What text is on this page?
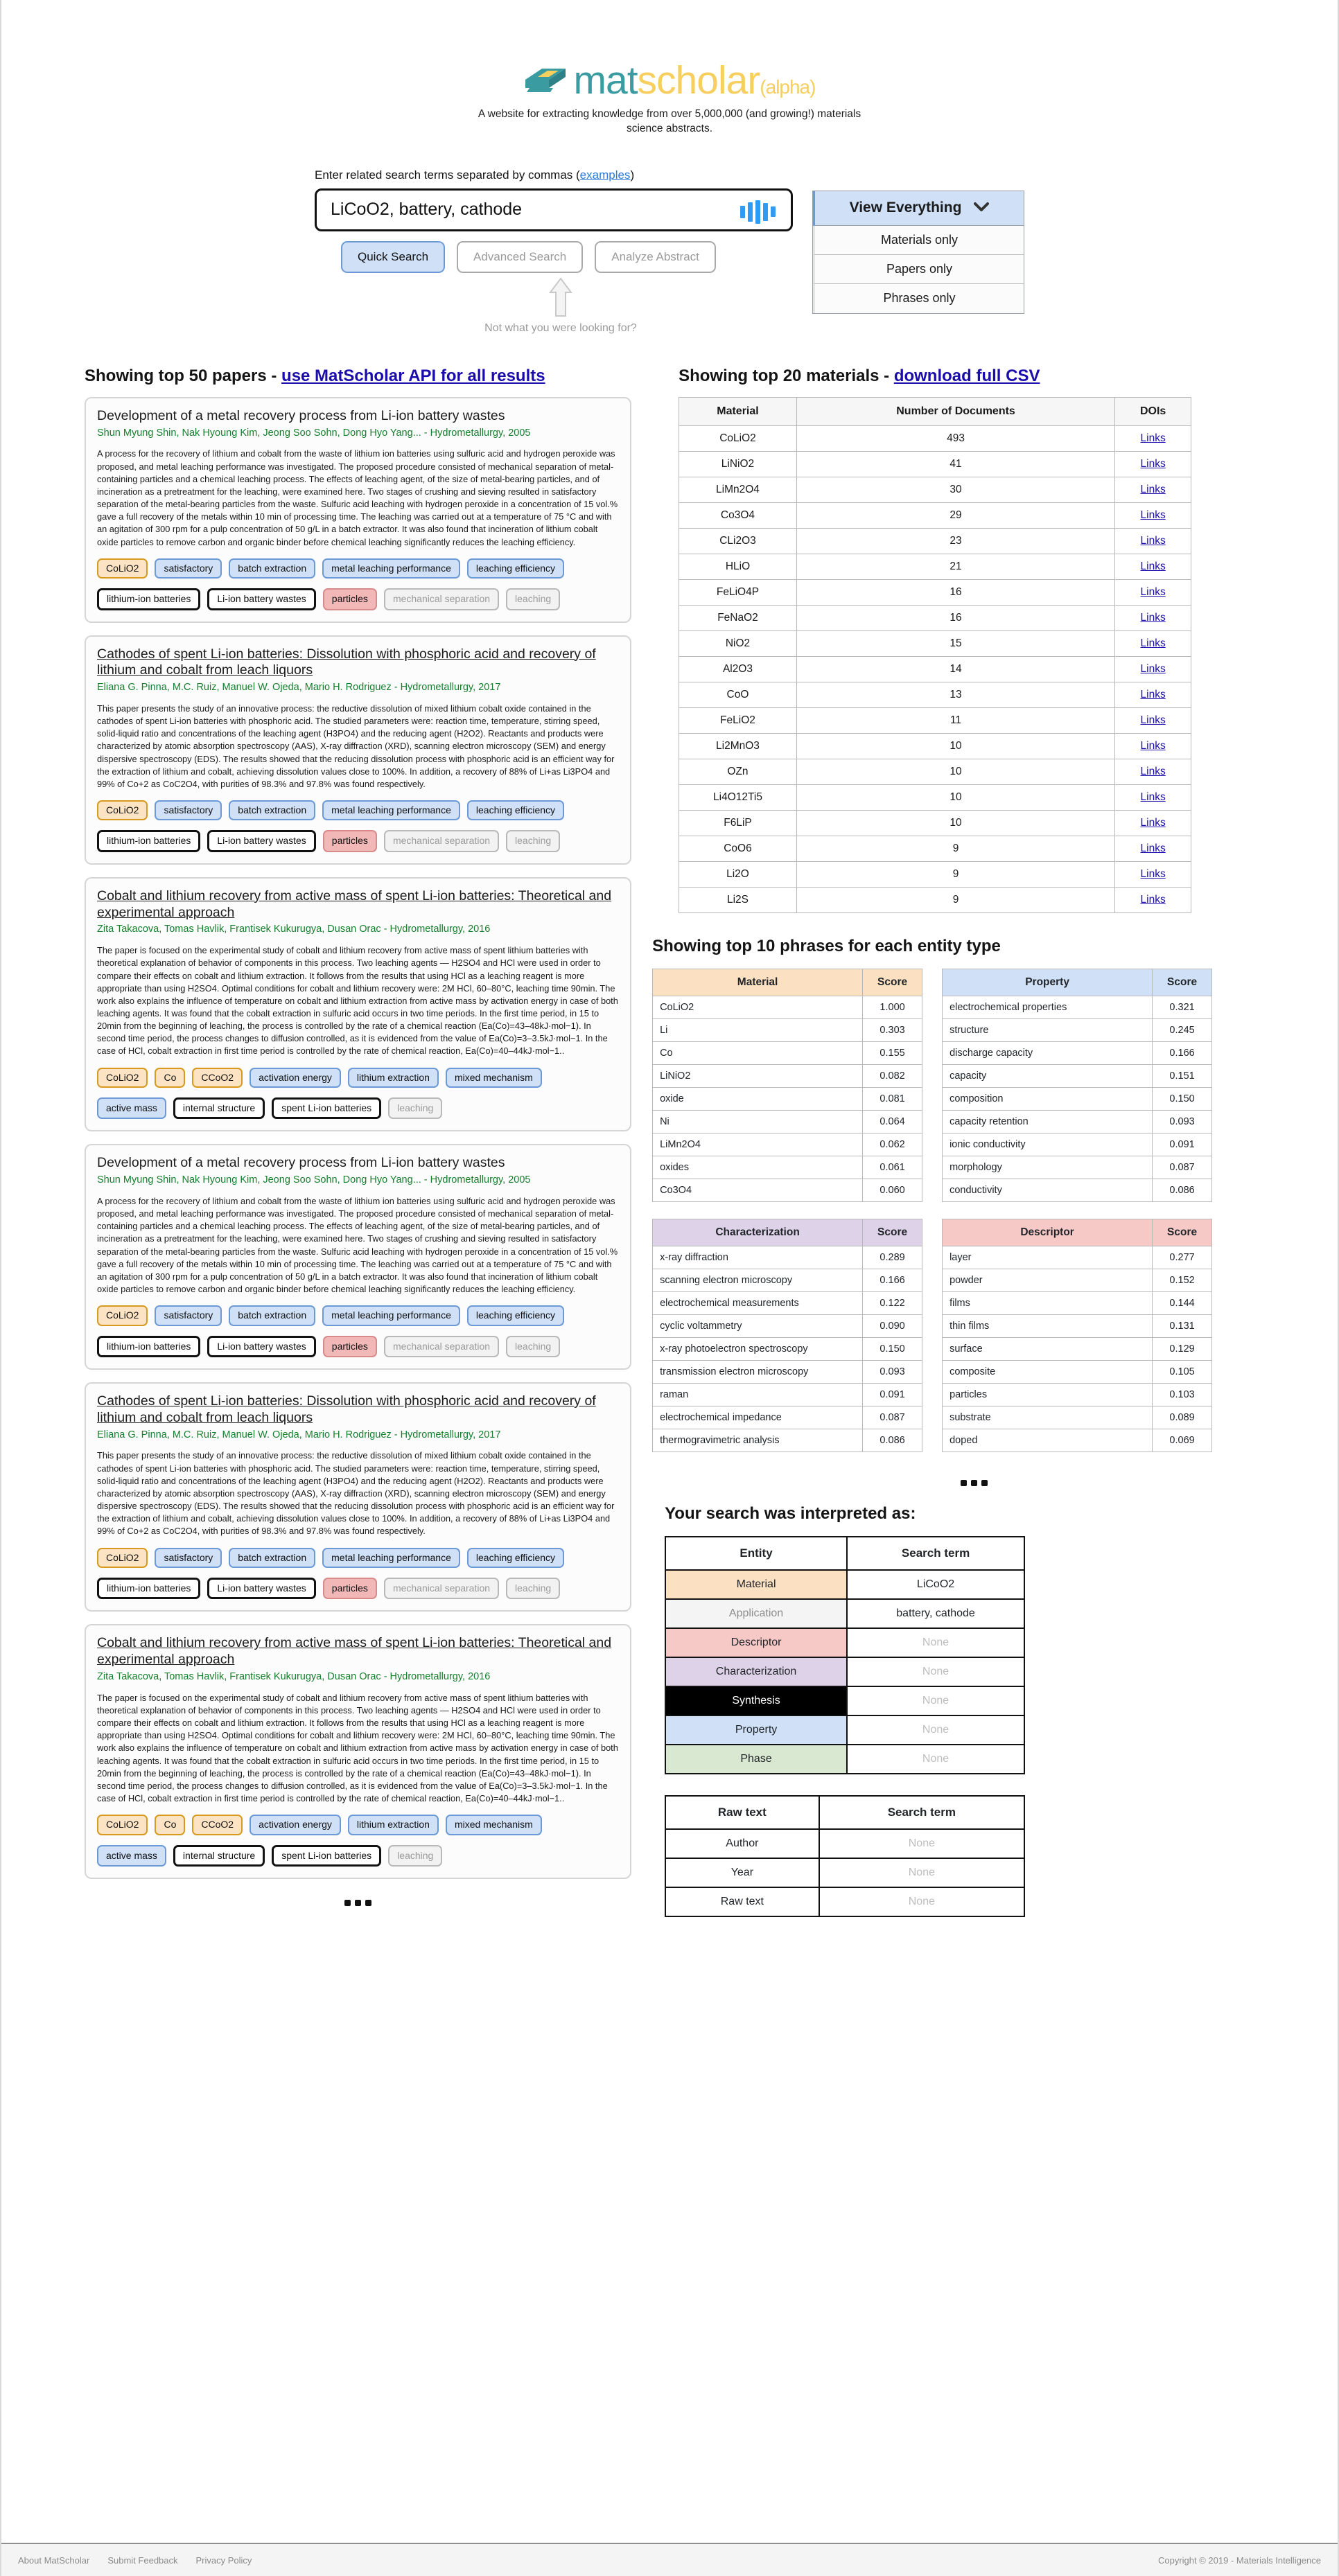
matscholar(alpha)
A website for extracting knowledge from over 5,000,000 (and growing!) materials science abstracts.
Enter related search terms separated by commas (examples)
LiCoO2, battery, cathode
Quick Search	Advanced Search	Analyze Abstract
Not what you were looking for?
View Everything
Materials only
Papers only
Phrases only
Showing top 50 papers - use MatScholar API for all results
Development of a metal recovery process from Li-ion battery wastes
Shun Myung Shin, Nak Hyoung Kim, Jeong Soo Sohn, Dong Hyo Yang... - Hydrometallurgy, 2005
A process for the recovery of lithium and cobalt from the waste of lithium ion batteries using sulfuric acid and hydrogen peroxide was proposed, and metal leaching performance was investigated. The proposed procedure consisted of mechanical separation of metal-containing particles and a chemical leaching process. The effects of leaching agent, of the size of metal-bearing particles, and of incineration as a pretreatment for the leaching, were examined here. Two stages of crushing and sieving resulted in satisfactory separation of the metal-bearing particles from the waste. Sulfuric acid leaching with hydrogen peroxide in a concentration of 15 vol.% gave a full recovery of the metals within 10 min of processing time. The leaching was carried out at a temperature of 75 °C and with an agitation of 300 rpm for a pulp concentration of 50 g/L in a batch extractor. It was also found that incineration of lithium cobalt oxide particles to remove carbon and organic binder before chemical leaching significantly reduces the leaching efficiency.
CoLiO2	satisfactory	batch extraction	metal leaching performance	leaching efficiency
lithium-ion batteries	Li-ion battery wastes	particles	mechanical separation	leaching
Cathodes of spent Li-ion batteries: Dissolution with phosphoric acid and recovery of lithium and cobalt from leach liquors
Eliana G. Pinna, M.C. Ruiz, Manuel W. Ojeda, Mario H. Rodriguez - Hydrometallurgy, 2017
This paper presents the study of an innovative process: the reductive dissolution of mixed lithium cobalt oxide contained in the cathodes of spent Li-ion batteries with phosphoric acid. The studied parameters were: reaction time, temperature, stirring speed, solid-liquid ratio and concentrations of the leaching agent (H3PO4) and the reducing agent (H2O2). Reactants and products were characterized by atomic absorption spectroscopy (AAS), X-ray diffraction (XRD), scanning electron microscopy (SEM) and energy dispersive spectroscopy (EDS). The results showed that the reducing dissolution process with phosphoric acid is an efficient way for the extraction of lithium and cobalt, achieving dissolution values close to 100%. In addition, a recovery of 88% of Li+as Li3PO4 and 99% of Co+2 as CoC2O4, with purities of 98.3% and 97.8% was found respectively.
CoLiO2	satisfactory	batch extraction	metal leaching performance	leaching efficiency
lithium-ion batteries	Li-ion battery wastes	particles	mechanical separation	leaching
Cobalt and lithium recovery from active mass of spent Li-ion batteries: Theoretical and experimental approach
Zita Takacova, Tomas Havlik, Frantisek Kukurugya, Dusan Orac - Hydrometallurgy, 2016
The paper is focused on the experimental study of cobalt and lithium recovery from active mass of spent lithium batteries with theoretical explanation of behavior of components in this process. Two leaching agents — H2SO4 and HCl were used in order to compare their effects on cobalt and lithium extraction. It follows from the results that using HCl as a leaching reagent is more appropriate than using H2SO4. Optimal conditions for cobalt and lithium recovery were: 2M HCl, 60–80°C, leaching time 90min. The work also explains the influence of temperature on cobalt and lithium extraction from active mass by activation energy in case of both leaching agents. It was found that the cobalt extraction in sulfuric acid occurs in two time periods. In the first time period, in 15 to 20min from the beginning of leaching, the process is controlled by the rate of a chemical reaction (Ea(Co)=43–48kJ·mol−1). In second time period, the process changes to diffusion controlled, as it is evidenced from the value of Ea(Co)=3–3.5kJ·mol−1. In the case of HCl, cobalt extraction in first time period is controlled by the rate of chemical reaction, Ea(Co)=40–44kJ·mol−1..
CoLiO2	Co	CCoO2	activation energy	lithium extraction	mixed mechanism
active mass	internal structure	spent Li-ion batteries	leaching
Development of a metal recovery process from Li-ion battery wastes
Shun Myung Shin, Nak Hyoung Kim, Jeong Soo Sohn, Dong Hyo Yang... - Hydrometallurgy, 2005
A process for the recovery of lithium and cobalt from the waste of lithium ion batteries using sulfuric acid and hydrogen peroxide was proposed, and metal leaching performance was investigated. The proposed procedure consisted of mechanical separation of metal-containing particles and a chemical leaching process. The effects of leaching agent, of the size of metal-bearing particles, and of incineration as a pretreatment for the leaching, were examined here. Two stages of crushing and sieving resulted in satisfactory separation of the metal-bearing particles from the waste. Sulfuric acid leaching with hydrogen peroxide in a concentration of 15 vol.% gave a full recovery of the metals within 10 min of processing time. The leaching was carried out at a temperature of 75 °C and with an agitation of 300 rpm for a pulp concentration of 50 g/L in a batch extractor. It was also found that incineration of lithium cobalt oxide particles to remove carbon and organic binder before chemical leaching significantly reduces the leaching efficiency.
CoLiO2	satisfactory	batch extraction	metal leaching performance	leaching efficiency
lithium-ion batteries	Li-ion battery wastes	particles	mechanical separation	leaching
Cathodes of spent Li-ion batteries: Dissolution with phosphoric acid and recovery of lithium and cobalt from leach liquors
Eliana G. Pinna, M.C. Ruiz, Manuel W. Ojeda, Mario H. Rodriguez - Hydrometallurgy, 2017
This paper presents the study of an innovative process: the reductive dissolution of mixed lithium cobalt oxide contained in the cathodes of spent Li-ion batteries with phosphoric acid. The studied parameters were: reaction time, temperature, stirring speed, solid-liquid ratio and concentrations of the leaching agent (H3PO4) and the reducing agent (H2O2). Reactants and products were characterized by atomic absorption spectroscopy (AAS), X-ray diffraction (XRD), scanning electron microscopy (SEM) and energy dispersive spectroscopy (EDS). The results showed that the reducing dissolution process with phosphoric acid is an efficient way for the extraction of lithium and cobalt, achieving dissolution values close to 100%. In addition, a recovery of 88% of Li+as Li3PO4 and 99% of Co+2 as CoC2O4, with purities of 98.3% and 97.8% was found respectively.
CoLiO2	satisfactory	batch extraction	metal leaching performance	leaching efficiency
lithium-ion batteries	Li-ion battery wastes	particles	mechanical separation	leaching
Cobalt and lithium recovery from active mass of spent Li-ion batteries: Theoretical and experimental approach
Zita Takacova, Tomas Havlik, Frantisek Kukurugya, Dusan Orac - Hydrometallurgy, 2016
The paper is focused on the experimental study of cobalt and lithium recovery from active mass of spent lithium batteries with theoretical explanation of behavior of components in this process. Two leaching agents — H2SO4 and HCl were used in order to compare their effects on cobalt and lithium extraction. It follows from the results that using HCl as a leaching reagent is more appropriate than using H2SO4. Optimal conditions for cobalt and lithium recovery were: 2M HCl, 60–80°C, leaching time 90min. The work also explains the influence of temperature on cobalt and lithium extraction from active mass by activation energy in case of both leaching agents. It was found that the cobalt extraction in sulfuric acid occurs in two time periods. In the first time period, in 15 to 20min from the beginning of leaching, the process is controlled by the rate of a chemical reaction (Ea(Co)=43–48kJ·mol−1). In second time period, the process changes to diffusion controlled, as it is evidenced from the value of Ea(Co)=3–3.5kJ·mol−1. In the case of HCl, cobalt extraction in first time period is controlled by the rate of chemical reaction, Ea(Co)=40–44kJ·mol−1..
CoLiO2	Co	CCoO2	activation energy	lithium extraction	mixed mechanism
active mass	internal structure	spent Li-ion batteries	leaching
Showing top 20 materials - download full CSV
Material	Number of Documents	DOIs
CoLiO2	493	Links
LiNiO2	41	Links
LiMn2O4	30	Links
Co3O4	29	Links
CLi2O3	23	Links
HLiO	21	Links
FeLiO4P	16	Links
FeNaO2	16	Links
NiO2	15	Links
Al2O3	14	Links
CoO	13	Links
FeLiO2	11	Links
Li2MnO3	10	Links
OZn	10	Links
Li4O12Ti5	10	Links
F6LiP	10	Links
CoO6	9	Links
Li2O	9	Links
Li2S	9	Links
Showing top 10 phrases for each entity type
Material	Score
CoLiO2	1.000
Li	0.303
Co	0.155
LiNiO2	0.082
oxide	0.081
Ni	0.064
LiMn2O4	0.062
oxides	0.061
Co3O4	0.060
Property	Score
electrochemical properties	0.321
structure	0.245
discharge capacity	0.166
capacity	0.151
composition	0.150
capacity retention	0.093
ionic conductivity	0.091
morphology	0.087
conductivity	0.086
Characterization	Score
x-ray diffraction	0.289
scanning electron microscopy	0.166
electrochemical measurements	0.122
cyclic voltammetry	0.090
x-ray photoelectron spectroscopy	0.150
transmission electron microscopy	0.093
raman	0.091
electrochemical impedance	0.087
thermogravimetric analysis	0.086
Descriptor	Score
layer	0.277
powder	0.152
films	0.144
thin films	0.131
surface	0.129
composite	0.105
particles	0.103
substrate	0.089
doped	0.069
Your search was interpreted as:
Entity	Search term
Material	LiCoO2
Application	battery, cathode
Descriptor	None
Characterization	None
Synthesis	None
Property	None
Phase	None
Raw text	Search term
Author	None
Year	None
Raw text	None
About MatScholar Submit Feedback Privacy Policy	Copyright © 2019 - Materials Intelligence
